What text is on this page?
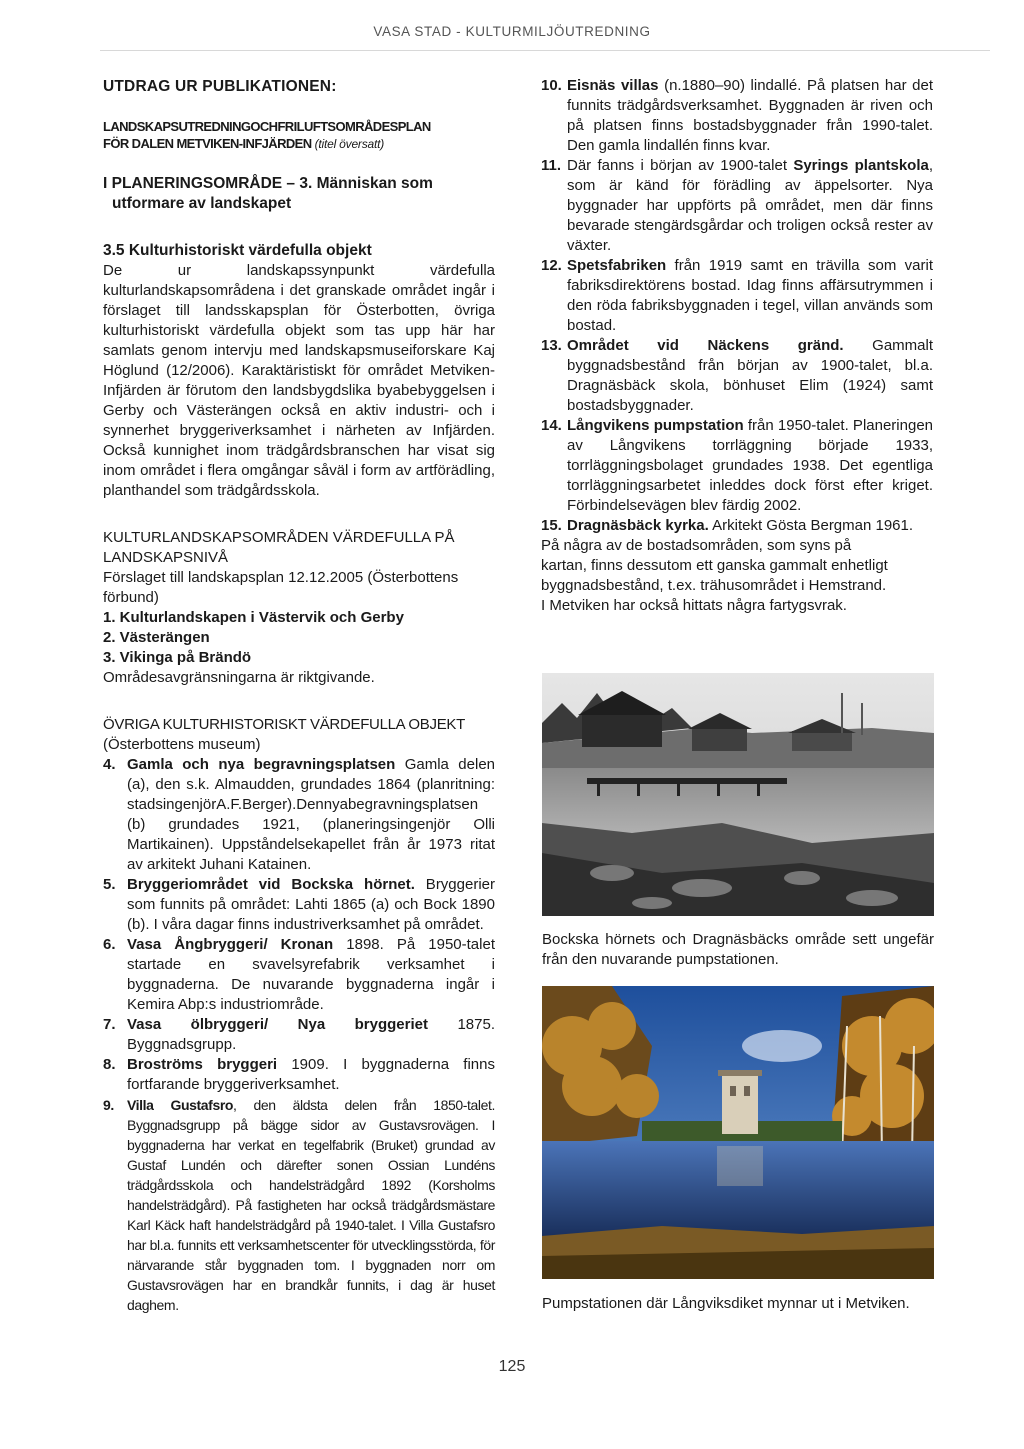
VASA STAD - KULTURMILJÖUTREDNING
UTDRAG UR PUBLIKATIONEN:
LANDSKAPSUTREDNINGOCHFRILUFTSOMRÅDESPLAN
FÖR DALEN METVIKEN-INFJÄRDEN (titel översatt)
I PLANERINGSOMRÅDE – 3. Människan som
utformare av landskapet
3.5 Kulturhistoriskt värdefulla objekt

De ur landskapssynpunkt värdefulla kulturlandskapsområdena i det granskade området ingår i förslaget till landsskapsplan för Österbotten, övriga kulturhistoriskt värdefulla objekt som tas upp här har samlats genom intervju med landskapsmuseiforskare Kaj Höglund (12/2006). Karaktäristiskt för området Metviken-Infjärden är förutom den landsbygdslika byabebyggelsen i Gerby och Västerängen också en aktiv industri- och i synnerhet bryggeriverksamhet i närheten av Infjärden. Också kunnighet inom trädgårdsbranschen har visat sig inom området i flera omgångar såväl i form av artförädling, planthandel som trädgårdsskola.

KULTURLANDSKAPSOMRÅDEN VÄRDEFULLA PÅ
LANDSKAPSNIVÅ
Förslaget till landskapsplan 12.12.2005 (Österbottens
förbund)
1. Kulturlandskapen i Västervik och Gerby
2. Västerängen
3. Vikinga på Brändö
Områdesavgränsningarna är riktgivande.
ÖVRIGA KULTURHISTORISKT VÄRDEFULLA OBJEKT
(Österbottens museum)
4. Gamla och nya begravningsplatsen Gamla delen (a), den s.k. Almaudden, grundades 1864 (planritning: stadsingenjörA.F.Berger).Dennyabegravningsplatsen (b) grundades 1921, (planeringsingenjör Olli Martikainen). Uppståndelsekapellet från år 1973 ritat av arkitekt Juhani Katainen.
5. Bryggeriområdet vid Bockska hörnet. Bryggerier som funnits på området: Lahti 1865 (a) och Bock 1890 (b). I våra dagar finns industriverksamhet på området.
6. Vasa Ångbryggeri/ Kronan 1898. På 1950-talet startade en svavelsyrefabrik verksamhet i byggnaderna. De nuvarande byggnaderna ingår i Kemira Abp:s industriområde.
7. Vasa ölbryggeri/ Nya bryggeriet 1875. Byggnadsgrupp.
8. Broströms bryggeri 1909. I byggnaderna finns fortfarande bryggeriverksamhet.
9. Villa Gustafsro, den äldsta delen från 1850-talet. Byggnadsgrupp på bägge sidor av Gustavsrovägen. I byggnaderna har verkat en tegelfabrik (Bruket) grundad av Gustaf Lundén och därefter sonen Ossian Lundéns trädgårdsskola och handelsträdgård 1892 (Korsholms handelsträdgård). På fastigheten har också trädgårdsmästare Karl Käck haft handelsträdgård på 1940-talet. I Villa Gustafsro har bl.a. funnits ett verksamhetscenter för utvecklingsstörda, för närvarande står byggnaden tom. I byggnaden norr om Gustavsrovägen har en brandkår funnits, i dag är huset daghem.
10. Eisnäs villas (n.1880–90) lindallé. På platsen har det funnits trädgårdsverksamhet. Byggnaden är riven och på platsen finns bostadsbyggnader från 1990-talet. Den gamla lindallén finns kvar.
11. Där fanns i början av 1900-talet Syrings plantskola, som är känd för förädling av äppelsorter. Nya byggnader har uppförts på området, men där finns bevarade stengärdsgårdar och troligen också rester av växter.
12. Spetsfabriken från 1919 samt en trävilla som varit fabriksdirektörens bostad. Idag finns affärsutrymmen i den röda fabriksbyggnaden i tegel, villan används som bostad.
13. Området vid Näckens gränd. Gammalt byggnadsbestånd från början av 1900-talet, bl.a. Dragnäsbäck skola, bönhuset Elim (1924) samt bostadsbyggnader.
14. Långvikens pumpstation från 1950-talet. Planeringen av Långvikens torrläggning började 1933, torrläggningsbolaget grundades 1938. Det egentliga torrläggningsarbetet inleddes dock först efter kriget. Förbindelsevägen blev färdig 2002.
15. Dragnäsbäck kyrka. Arkitekt Gösta Bergman 1961.

På några av de bostadsområden, som syns på

kartan, finns dessutom ett ganska gammalt enhetligt

byggnadsbestånd, t.ex. trähusområdet i Hemstrand.

I Metviken har också hittats några fartygsvrak.

Bockska hörnets och Dragnäsbäcks område sett ungefär från den nuvarande pumpstationen.
Pumpstationen där Långviksdiket mynnar ut i Metviken.
125
